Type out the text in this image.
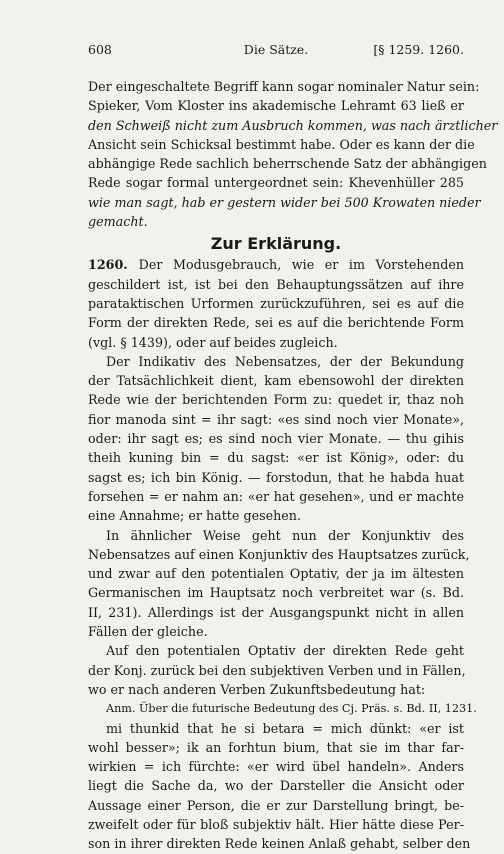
608	Die Sätze.	[§ 1259. 1260.
Der eingeschaltete Begriff kann sogar nominaler Natur sein:
Spieker, Vom Kloster ins akademische Lehramt 63 ließ er
den Schweiß nicht zum Ausbruch kommen, was nach ärztlicher
Ansicht sein Schicksal bestimmt habe. Oder es kann der die
abhängige Rede sachlich beherrschende Satz der abhängigen
Rede sogar formal untergeordnet sein: Khevenhüller 285
wie man sagt, hab er gestern wider bei 500 Krowaten nieder
gemacht.
Zur Erklärung.
1260. Der Modusgebrauch, wie er im Vorstehenden
geschildert ist, ist bei den Behauptungssätzen auf ihre
parataktischen Urformen zurückzuführen, sei es auf die
Form der direkten Rede, sei es auf die berichtende Form
(vgl. § 1439), oder auf beides zugleich.
Der Indikativ des Nebensatzes, der der Bekundung
der Tatsächlichkeit dient, kam ebensowohl der direkten
Rede wie der berichtenden Form zu: quedet ir, thaz noh
fior manoda sint = ihr sagt: «es sind noch vier Monate»,
oder: ihr sagt es; es sind noch vier Monate. — thu gihis
theih kuning bin = du sagst: «er ist König», oder: du
sagst es; ich bin König. — forstodun, that he habda huat
forsehen = er nahm an: «er hat gesehen», und er machte
eine Annahme; er hatte gesehen.
In ähnlicher Weise geht nun der Konjunktiv des
Nebensatzes auf einen Konjunktiv des Hauptsatzes zurück,
und zwar auf den potentialen Optativ, der ja im ältesten
Germanischen im Hauptsatz noch verbreitet war (s. Bd.
II, 231). Allerdings ist der Ausgangspunkt nicht in allen
Fällen der gleiche.
Auf den potentialen Optativ der direkten Rede geht
der Konj. zurück bei den subjektiven Verben und in Fällen,
wo er nach anderen Verben Zukunftsbedeutung hat:
Anm. Über die futurische Bedeutung des Cj. Präs. s. Bd. II, 1231.
mi thunkid that he si betara = mich dünkt: «er ist
wohl besser»; ik an forhtun bium, that sie im thar far-
wirkien = ich fürchte: «er wird übel handeln». Anders
liegt die Sache da, wo der Darsteller die Ansicht oder
Aussage einer Person, die er zur Darstellung bringt, be-
zweifelt oder für bloß subjektiv hält. Hier hätte diese Per-
son in ihrer direkten Rede keinen Anlaß gehabt, selber den
